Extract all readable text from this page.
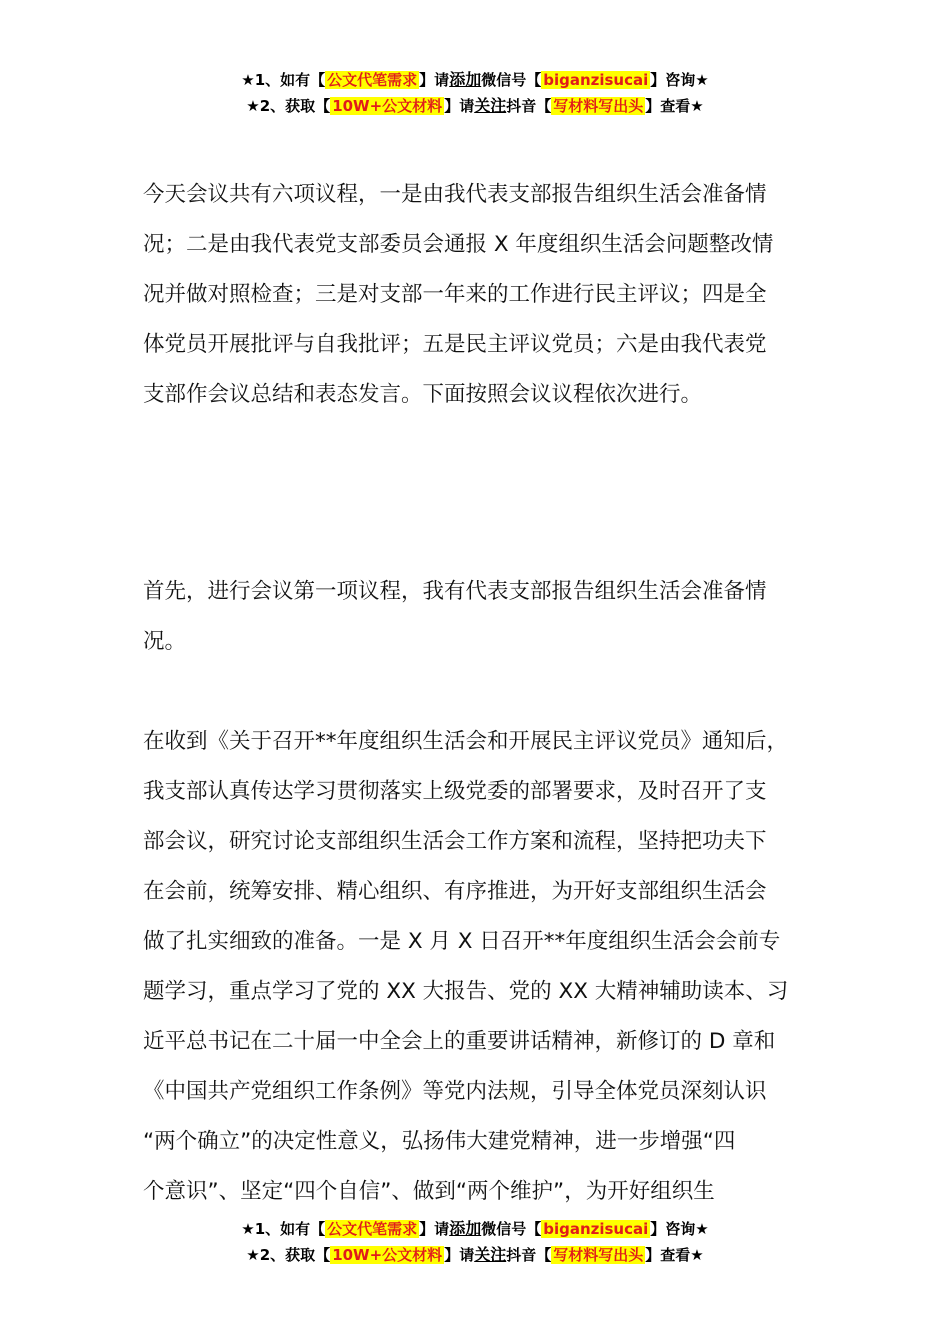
★1、如有【 公文代笔需求 】请添加微信号【 biganzisucai 】咨询★
★2、获取【 10W+公文材料 】请关注抖音【 写材料写出头 】查看★

今天会议共有六项议程，一是由我代表支部报告组织生活会准备情
况；二是由我代表党支部委员会通报 X 年度组织生活会问题整改情
况并做对照检查；三是对支部一年来的工作进行民主评议；四是全
体党员开展批评与自我批评；五是民主评议党员；六是由我代表党
支部作会议总结和表态发言。下面按照会议议程依次进行。

首先，进行会议第一项议程，我有代表支部报告组织生活会准备情
况。

在收到《关于召开**年度组织生活会和开展民主评议党员》通知后，
我支部认真传达学习贯彻落实上级党委的部署要求，及时召开了支
部会议，研究讨论支部组织生活会工作方案和流程，坚持把功夫下
在会前，统筹安排、精心组织、有序推进，为开好支部组织生活会
做了扎实细致的准备。一是 X 月 X 日召开**年度组织生活会会前专
题学习，重点学习了党的 XX 大报告、党的 XX 大精神辅助读本、习
近平总书记在二十届一中全会上的重要讲话精神，新修订的 D 章和
《中国共产党组织工作条例》等党内法规，引导全体党员深刻认识
“两个确立”的决定性意义，弘扬伟大建党精神，进一步增强“四
个意识”、坚定“四个自信”、做到“两个维护”，为开好组织生

★1、如有【 公文代笔需求 】请添加微信号【 biganzisucai 】咨询★
★2、获取【 10W+公文材料 】请关注抖音【 写材料写出头 】查看★
